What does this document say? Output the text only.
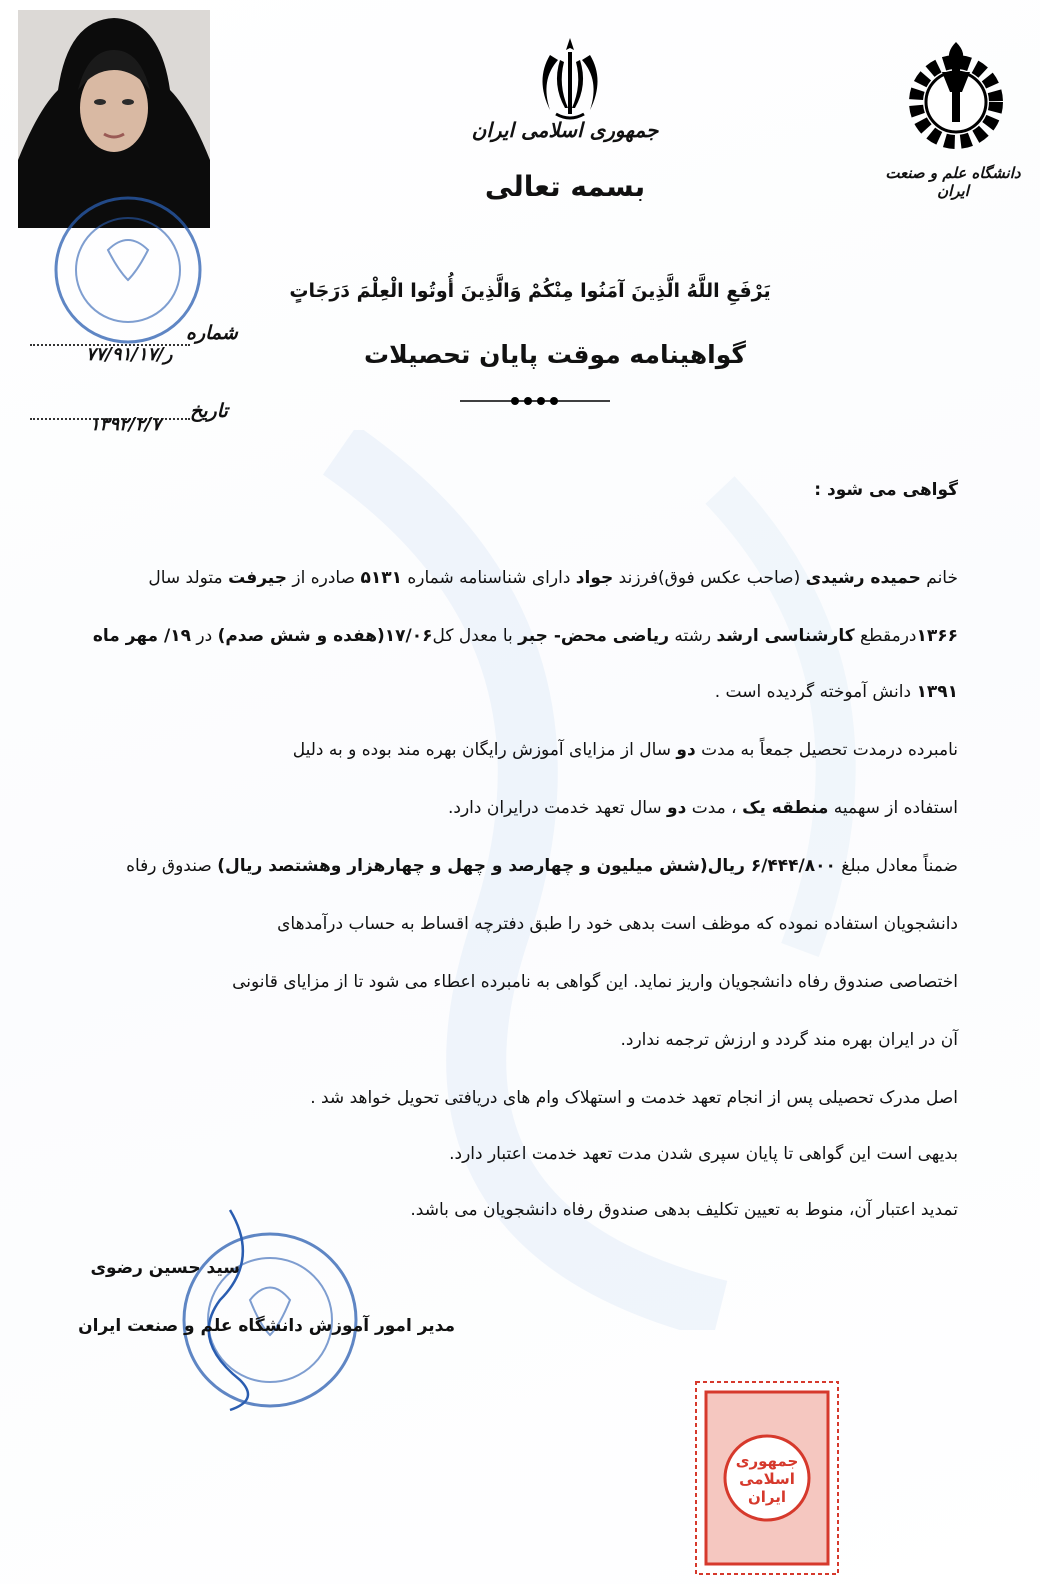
جمهوری اسلامی ایران
بسمه تعالی	دانشگاه علم و صنعت ایران
يَرْفَعِ اللَّهُ الَّذِينَ آمَنُوا مِنْكُمْ وَالَّذِينَ أُوتُوا الْعِلْمَ دَرَجَاتٍ
گواهینامه موقت پایان تحصیلات
شماره
۷۷/۹۱/۱۷/ر
تاریخ
۱۳۹۲/۲/۷
گواهی می شود :
خانم حمیده رشیدی (صاحب عکس فوق)فرزند جواد دارای شناسنامه شماره ۵۱۳۱ صادره از جیرفت متولد سال
۱۳۶۶درمقطع کارشناسی ارشد رشته ریاضی محض- جبر با معدل کل۱۷/۰۶(هفده و شش صدم) در ۱۹/ مهر ماه
۱۳۹۱ دانش آموخته گردیده است .
نامبرده درمدت تحصیل جمعاً به مدت دو سال از مزایای آموزش رایگان بهره مند بوده و به دلیل
استفاده از سهمیه منطقه یک ، مدت دو سال تعهد خدمت درایران دارد.
ضمناً معادل مبلغ ۶/۴۴۴/۸۰۰ ریال(شش میلیون و چهارصد و چهل و چهارهزار وهشتصد ریال) صندوق رفاه
دانشجویان استفاده نموده که موظف است بدهی خود را طبق دفترچه اقساط به حساب درآمدهای
اختصاصی صندوق رفاه دانشجویان واریز نماید. این گواهی به نامبرده اعطاء می شود تا از مزایای قانونی
آن در ایران بهره مند گردد و ارزش ترجمه ندارد.
اصل مدرک تحصیلی پس از انجام تعهد خدمت و استهلاک وام های دریافتی تحویل خواهد شد .
بدیهی است این گواهی تا پایان سپری شدن مدت تعهد خدمت اعتبار دارد.
تمدید اعتبار آن، منوط به تعیین تکلیف بدهی صندوق رفاه دانشجویان می باشد.
سید حسین رضوی
مدیر امور آموزش دانشگاه علم و صنعت ایران
جمهوری اسلامی ایران
